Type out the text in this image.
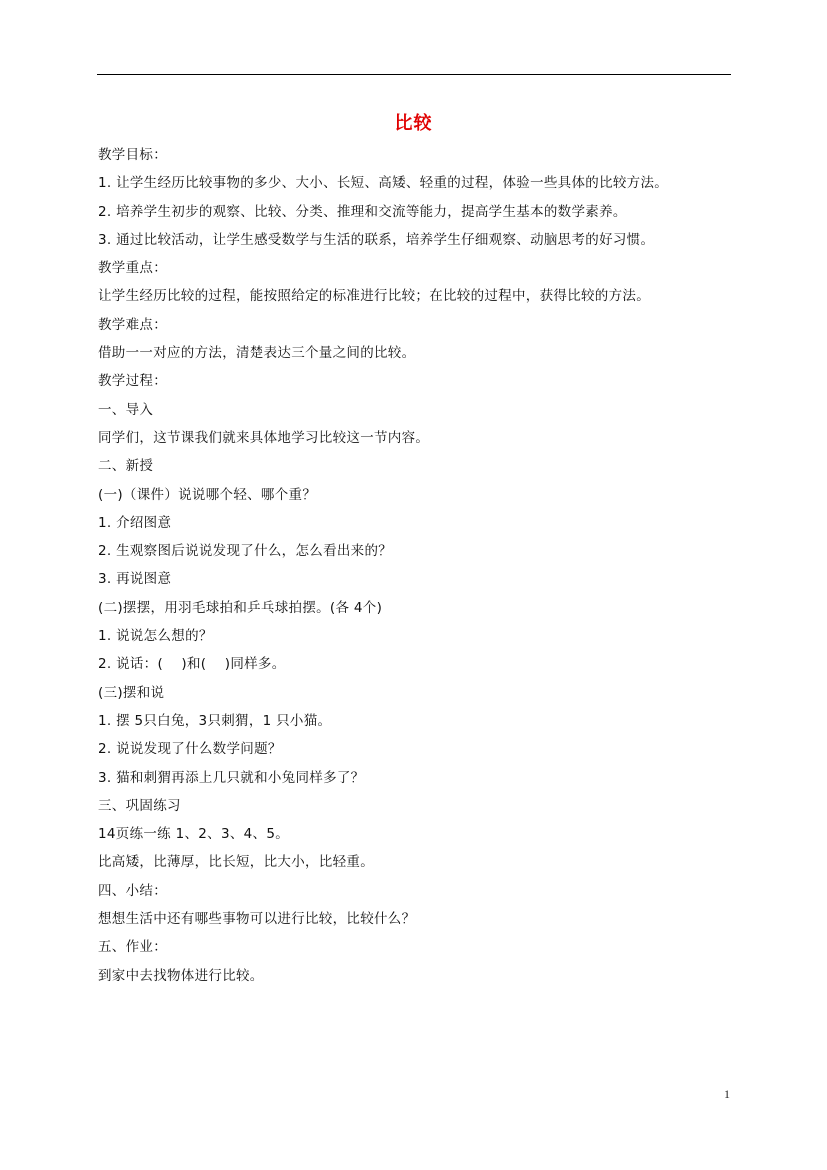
比较
教学目标：
1. 让学生经历比较事物的多少、大小、长短、高矮、轻重的过程，体验一些具体的比较方法。
2. 培养学生初步的观察、比较、分类、推理和交流等能力，提高学生基本的数学素养。
3. 通过比较活动，让学生感受数学与生活的联系，培养学生仔细观察、动脑思考的好习惯。
教学重点：
让学生经历比较的过程，能按照给定的标准进行比较；在比较的过程中，获得比较的方法。
教学难点：
借助一一对应的方法，清楚表达三个量之间的比较。
教学过程：
一、导入
同学们，这节课我们就来具体地学习比较这一节内容。
二、新授
(一)（课件）说说哪个轻、哪个重？
1. 介绍图意
2. 生观察图后说说发现了什么，怎么看出来的？
3. 再说图意
(二)摆摆，用羽毛球拍和乒乓球拍摆。(各 4个)
1. 说说怎么想的？
2. 说话：(　 )和(　 )同样多。
(三)摆和说
1. 摆 5只白兔，3只刺猬，1 只小猫。
2. 说说发现了什么数学问题？
3. 猫和刺猬再添上几只就和小兔同样多了？
三、巩固练习
14页练一练 1、2、3、4、5。
比高矮，比薄厚，比长短，比大小，比轻重。
四、小结：
想想生活中还有哪些事物可以进行比较，比较什么？
五、作业：
到家中去找物体进行比较。
1
